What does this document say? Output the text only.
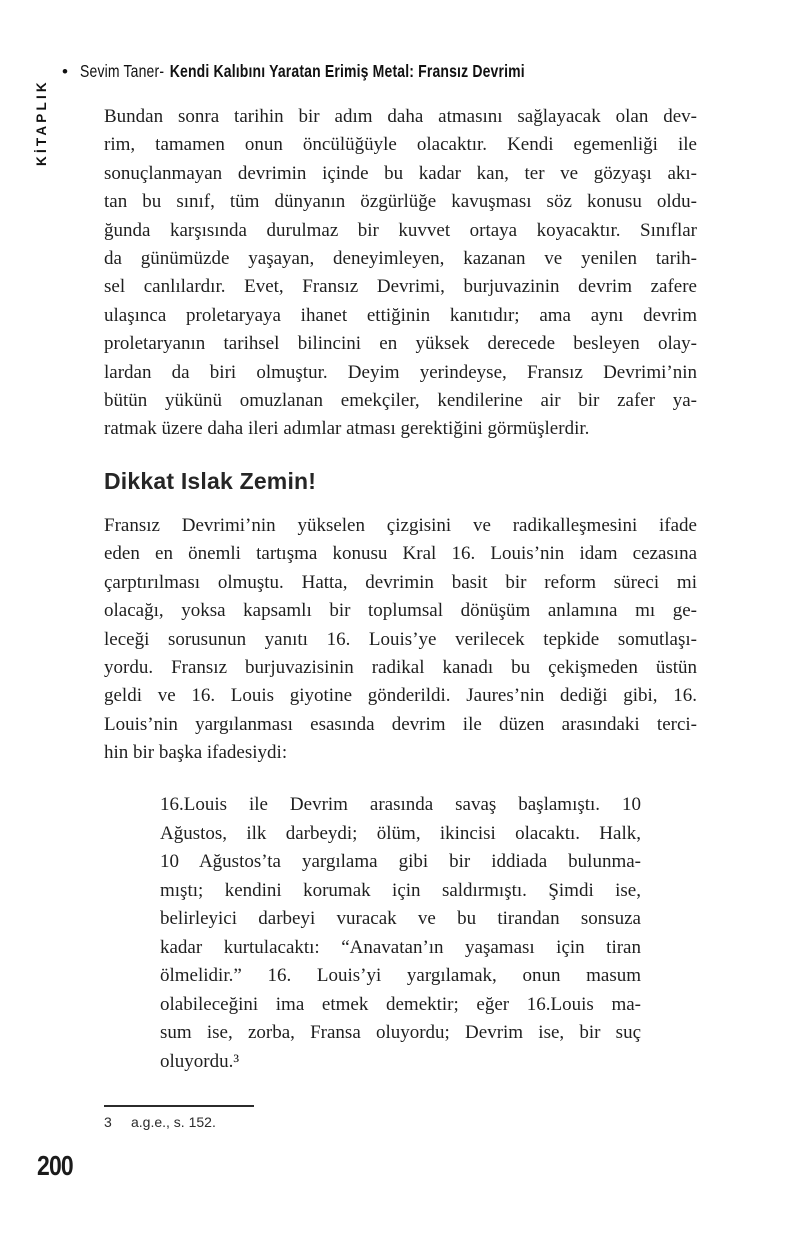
• Sevim Taner- Kendi Kalıbını Yaratan Erimiş Metal: Fransız Devrimi
KİTAPLIK	Bundan sonra tarihin bir adım daha atmasını sağlayacak olan dev-
rim, tamamen onun öncülüğüyle olacaktır. Kendi egemenliği ile
sonuçlanmayan devrimin içinde bu kadar kan, ter ve gözyaşı akı-
tan bu sınıf, tüm dünyanın özgürlüğe kavuşması söz konusu oldu-
ğunda karşısında durulmaz bir kuvvet ortaya koyacaktır. Sınıflar
da günümüzde yaşayan, deneyimleyen, kazanan ve yenilen tarih-
sel canlılardır. Evet, Fransız Devrimi, burjuvazinin devrim zafere
ulaşınca proletaryaya ihanet ettiğinin kanıtıdır; ama aynı devrim
proletaryanın tarihsel bilincini en yüksek derecede besleyen olay-
lardan da biri olmuştur. Deyim yerindeyse, Fransız Devrimi’nin
bütün yükünü omuzlanan emekçiler, kendilerine air bir zafer ya-
ratmak üzere daha ileri adımlar atması gerektiğini görmüşlerdir.
Dikkat Islak Zemin!
Fransız Devrimi’nin yükselen çizgisini ve radikalleşmesini ifade
eden en önemli tartışma konusu Kral 16. Louis’nin idam cezasına
çarptırılması olmuştu. Hatta, devrimin basit bir reform süreci mi
olacağı, yoksa kapsamlı bir toplumsal dönüşüm anlamına mı ge-
leceği sorusunun yanıtı 16. Louis’ye verilecek tepkide somutlaşı-
yordu. Fransız burjuvazisinin radikal kanadı bu çekişmeden üstün
geldi ve 16. Louis giyotine gönderildi. Jaures’nin dediği gibi, 16.
Louis’nin yargılanması esasında devrim ile düzen arasındaki terci-
hin bir başka ifadesiydi:
16.Louis ile Devrim arasında savaş başlamıştı. 10
Ağustos, ilk darbeydi; ölüm, ikincisi olacaktı. Halk,
10 Ağustos’ta yargılama gibi bir iddiada bulunma-
mıştı; kendini korumak için saldırmıştı. Şimdi ise,
belirleyici darbeyi vuracak ve bu tirandan sonsuza
kadar kurtulacaktı: “Anavatan’ın yaşaması için tiran
ölmelidir.” 16. Louis’yi yargılamak, onun masum
olabileceğini ima etmek demektir; eğer 16.Louis ma-
sum ise, zorba, Fransa oluyordu; Devrim ise, bir suç
oluyordu.³
3 a.g.e., s. 152.
200
